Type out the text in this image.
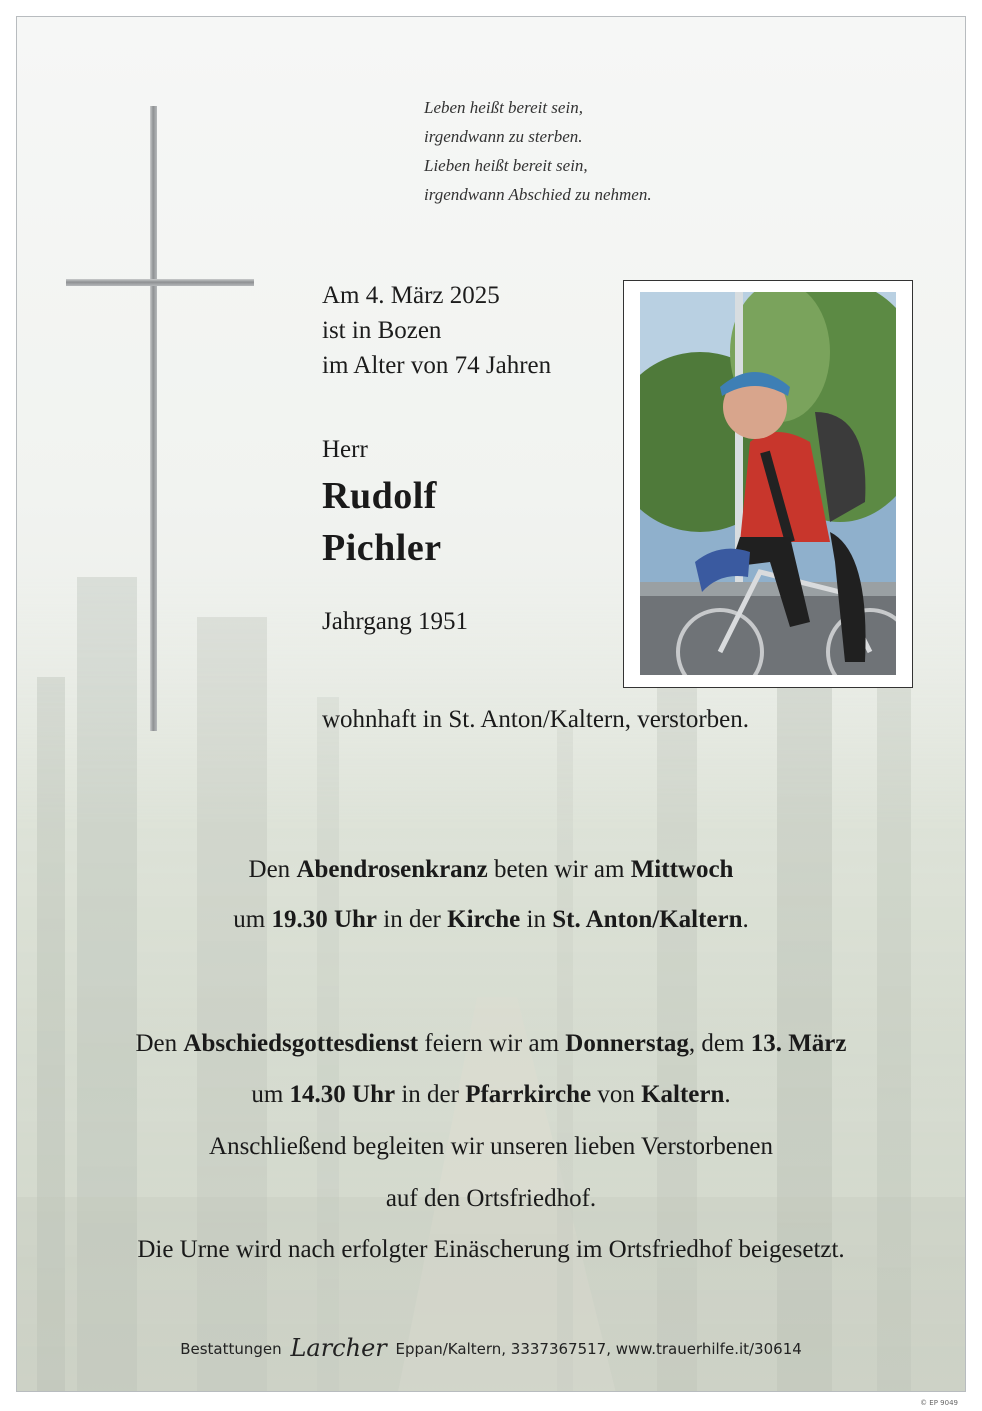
Leben heißt bereit sein,
irgendwann zu sterben.
Lieben heißt bereit sein,
irgendwann Abschied zu nehmen.
Am 4. März 2025
ist in Bozen
im Alter von 74 Jahren
Herr
Rudolf
Pichler
Jahrgang 1951
wohnhaft in St. Anton/Kaltern, verstorben.
Den Abendrosenkranz beten wir am Mittwoch
um 19.30 Uhr in der Kirche in St. Anton/Kaltern.
Den Abschiedsgottesdienst feiern wir am Donnerstag, dem 13. März
um 14.30 Uhr in der Pfarrkirche von Kaltern.
Anschließend begleiten wir unseren lieben Verstorbenen
auf den Ortsfriedhof.
Die Urne wird nach erfolgter Einäscherung im Ortsfriedhof beigesetzt.
Bestattungen Larcher Eppan/Kaltern, 3337367517, www.trauerhilfe.it/30614
© EP 9049
